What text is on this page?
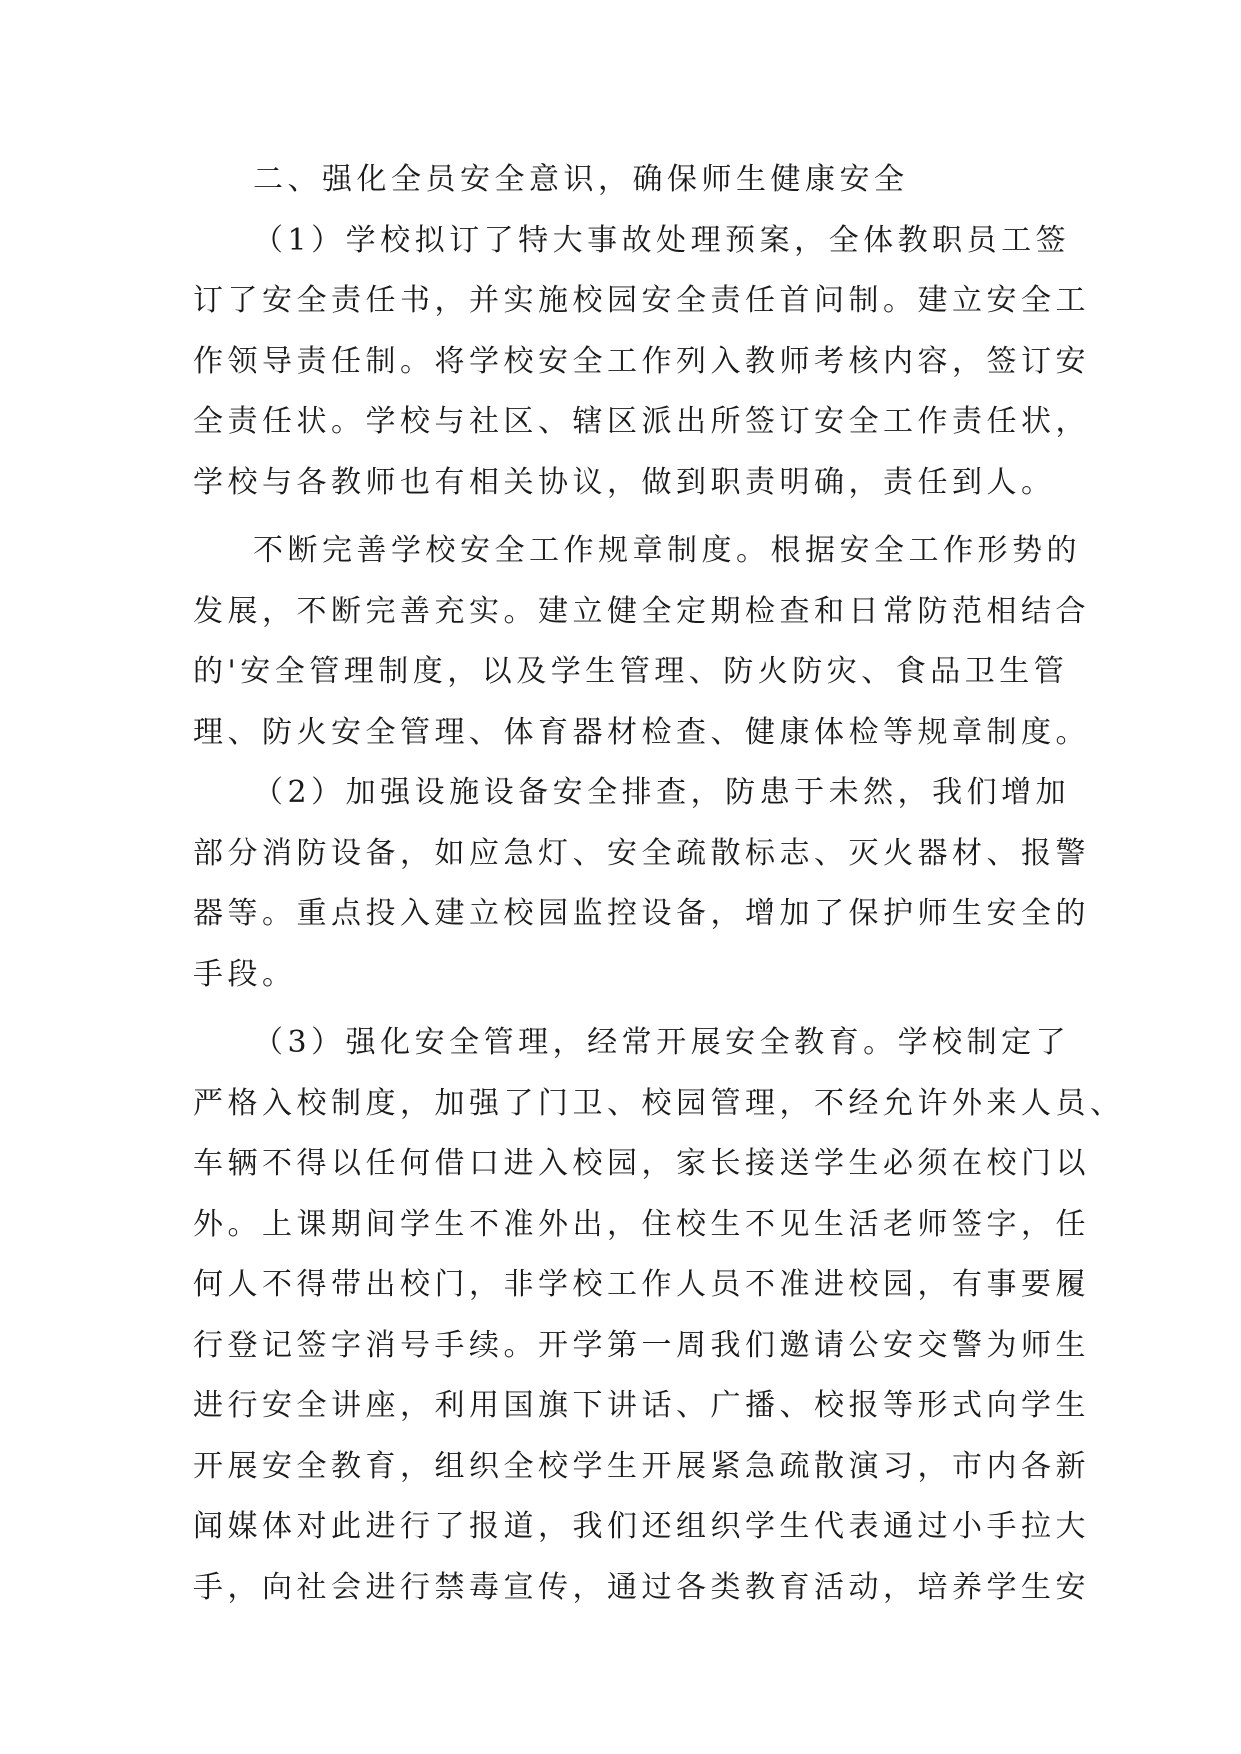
二、强化全员安全意识，确保师生健康安全
（1）学校拟订了特大事故处理预案，全体教职员工签
订了安全责任书，并实施校园安全责任首问制。建立安全工
作领导责任制。将学校安全工作列入教师考核内容，签订安
全责任状。学校与社区、辖区派出所签订安全工作责任状，
学校与各教师也有相关协议，做到职责明确，责任到人。
不断完善学校安全工作规章制度。根据安全工作形势的
发展，不断完善充实。建立健全定期检查和日常防范相结合
的'安全管理制度，以及学生管理、防火防灾、食品卫生管
理、防火安全管理、体育器材检查、健康体检等规章制度。
（2）加强设施设备安全排查，防患于未然，我们增加
部分消防设备，如应急灯、安全疏散标志、灭火器材、报警
器等。重点投入建立校园监控设备，增加了保护师生安全的
手段。
（3）强化安全管理，经常开展安全教育。学校制定了
严格入校制度，加强了门卫、校园管理，不经允许外来人员、
车辆不得以任何借口进入校园，家长接送学生必须在校门以
外。上课期间学生不准外出，住校生不见生活老师签字，任
何人不得带出校门，非学校工作人员不准进校园，有事要履
行登记签字消号手续。开学第一周我们邀请公安交警为师生
进行安全讲座，利用国旗下讲话、广播、校报等形式向学生
开展安全教育，组织全校学生开展紧急疏散演习，市内各新
闻媒体对此进行了报道，我们还组织学生代表通过小手拉大
手，向社会进行禁毒宣传，通过各类教育活动，培养学生安
